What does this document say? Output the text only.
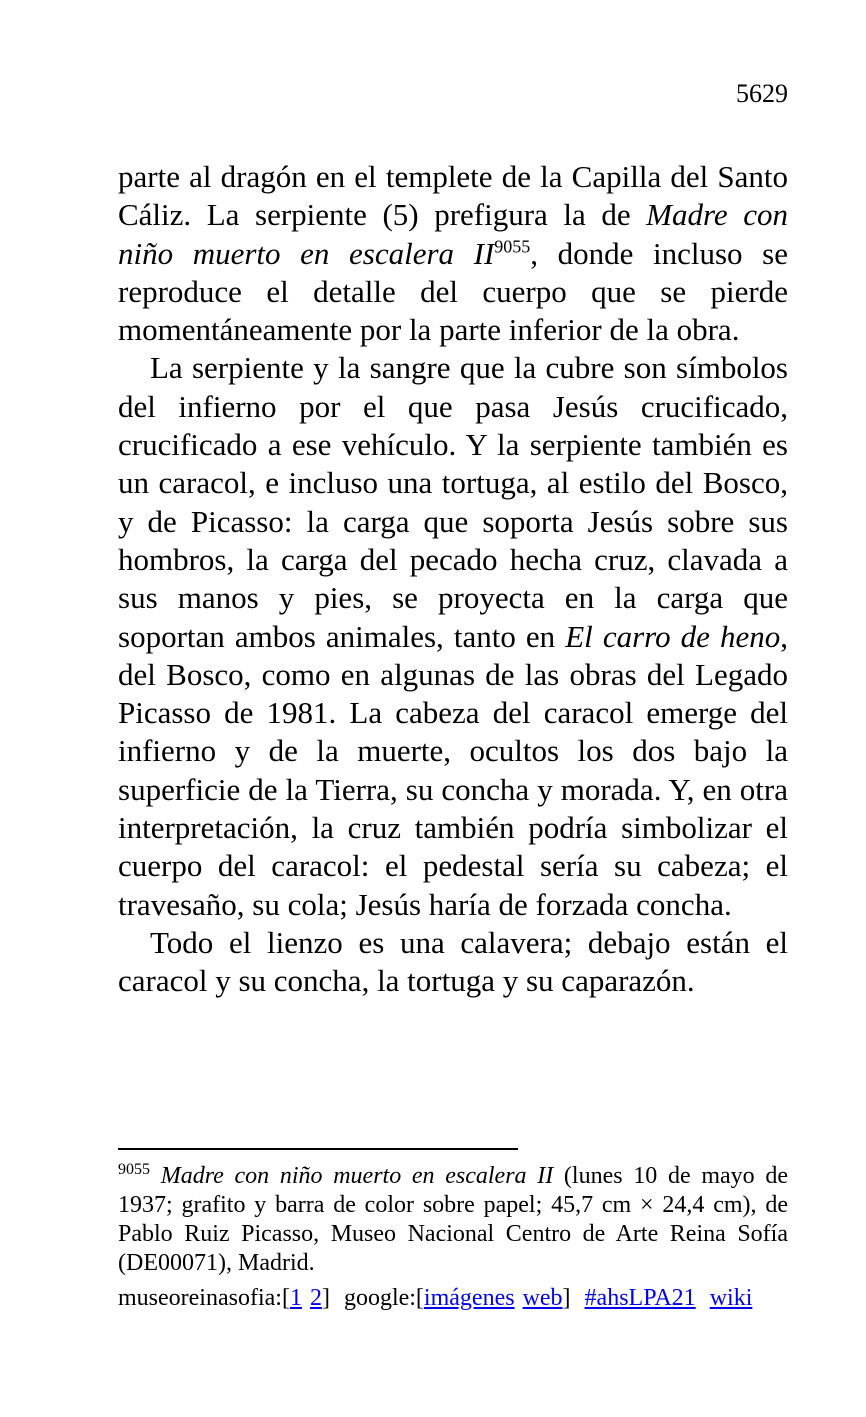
5629

parte al dragón en el templete de la Capilla del Santo Cáliz. La serpiente (5) prefigura la de Madre con niño muerto en escalera II$^{9055}$, donde incluso se reproduce el detalle del cuerpo que se pierde momentáneamente por la parte inferior de la obra.

La serpiente y la sangre que la cubre son símbolos del infierno por el que pasa Jesús crucificado, crucificado a ese vehículo. Y la serpiente también es un caracol, e incluso una tortuga, al estilo del Bosco, y de Picasso: la carga que soporta Jesús sobre sus hombros, la carga del pecado hecha cruz, clavada a sus manos y pies, se proyecta en la carga que soportan ambos animales, tanto en El carro de heno, del Bosco, como en algunas de las obras del Legado Picasso de 1981. La cabeza del caracol emerge del infierno y de la muerte, ocultos los dos bajo la superficie de la Tierra, su concha y morada. Y, en otra interpretación, la cruz también podría simbolizar el cuerpo del caracol: el pedestal sería su cabeza; el travesaño, su cola; Jesús haría de forzada concha.

Todo el lienzo es una calavera; debajo están el caracol y su concha, la tortuga y su caparazón.

$^{9055}$ Madre con niño muerto en escalera II (lunes 10 de mayo de 1937; grafito y barra de color sobre papel; 45,7 cm × 24,4 cm), de Pablo Ruiz Picasso, Museo Nacional Centro de Arte Reina Sofía (DE00071), Madrid.
museoreinasofia:[1 2] google:[imágenes web] #ahsLPA21 wiki
